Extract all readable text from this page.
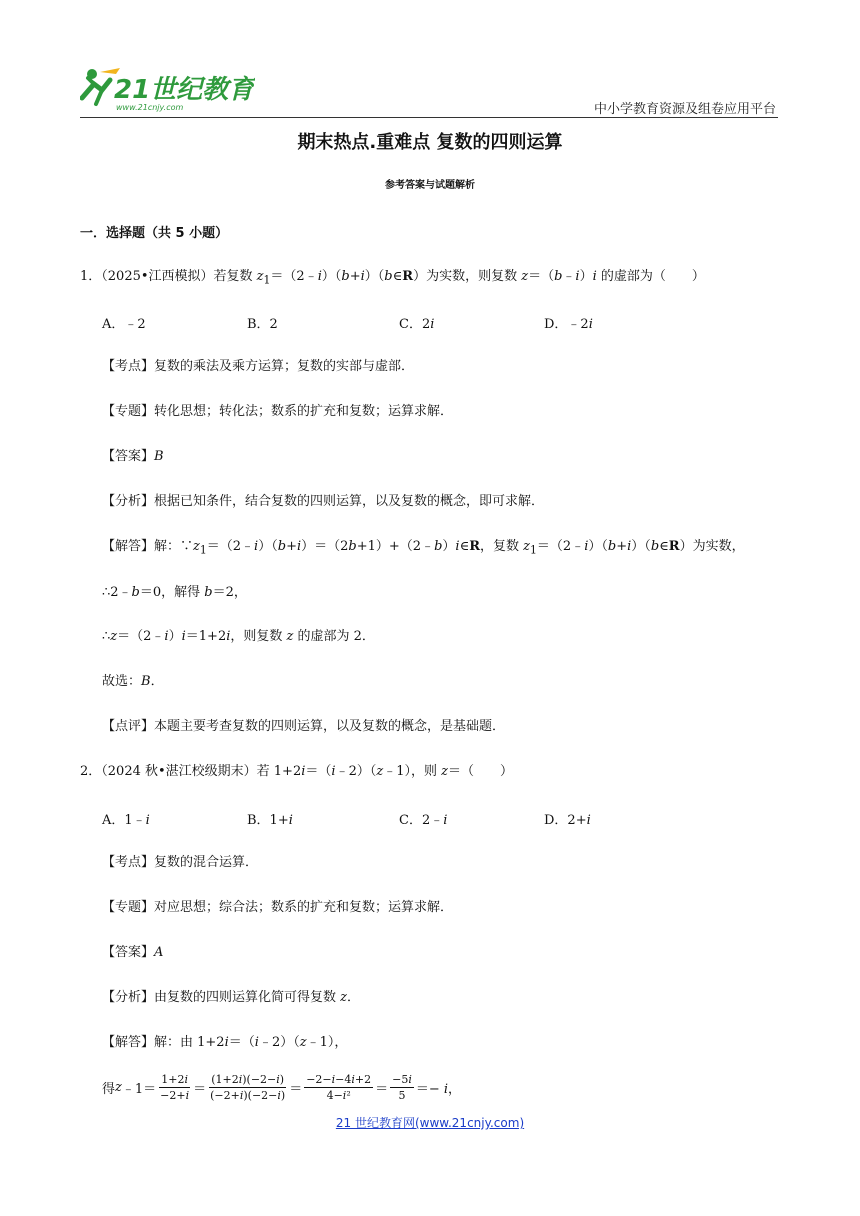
21世纪教育
www.21cnjy.com	中小学教育资源及组卷应用平台
期末热点.重难点 复数的四则运算
参考答案与试题解析
一．选择题（共 5 小题）
1．（2025•江西模拟）若复数 $z_1=(2﹣i)(b+i)(b\in R)$为实数，则复数 z＝（b﹣i）i 的虚部为（　　）
A．﹣2	B．2	C．2i	D．﹣2i
【考点】复数的乘法及乘方运算；复数的实部与虚部．
【专题】转化思想；转化法；数系的扩充和复数；运算求解．
【答案】B
【分析】根据已知条件，结合复数的四则运算，以及复数的概念，即可求解．
【解答】解：$\because z_1=(2﹣i)(b+i)=(2b+1)+(2﹣b)i\in R$，复数 $z_1=(2﹣i)(b+i)(b\in R)$为实数，
∴2﹣b＝0，解得 b＝2，
∴z＝（2﹣i）i＝1+2i，则复数 z 的虚部为 2．
故选：B．
【点评】本题主要考查复数的四则运算，以及复数的概念，是基础题．
2．（2024 秋•湛江校级期末）若 1+2i＝（i﹣2）（z﹣1），则 z＝（　　）
A．1﹣i	B．1+i	C．2﹣i	D．2+i
【考点】复数的混合运算．
【专题】对应思想；综合法；数系的扩充和复数；运算求解．
【答案】A
【分析】由复数的四则运算化简可得复数 z．
【解答】解：由 1+2i＝（i﹣2）（z﹣1），
得 z ﹣1＝ $\frac{\text{1+2𝑖}}{\text{−2+𝑖}} = \frac{\text{(1+2𝑖)(−2−𝑖)}}{\text{(−2+𝑖)(−2−𝑖)}} = \frac{\text{−2−𝑖−4𝑖+2}}{\text{4−𝑖²}} = \frac{\text{−5𝑖}}{5}$ ＝− 𝑖，
21 世纪教育网(www.21cnjy.com)
